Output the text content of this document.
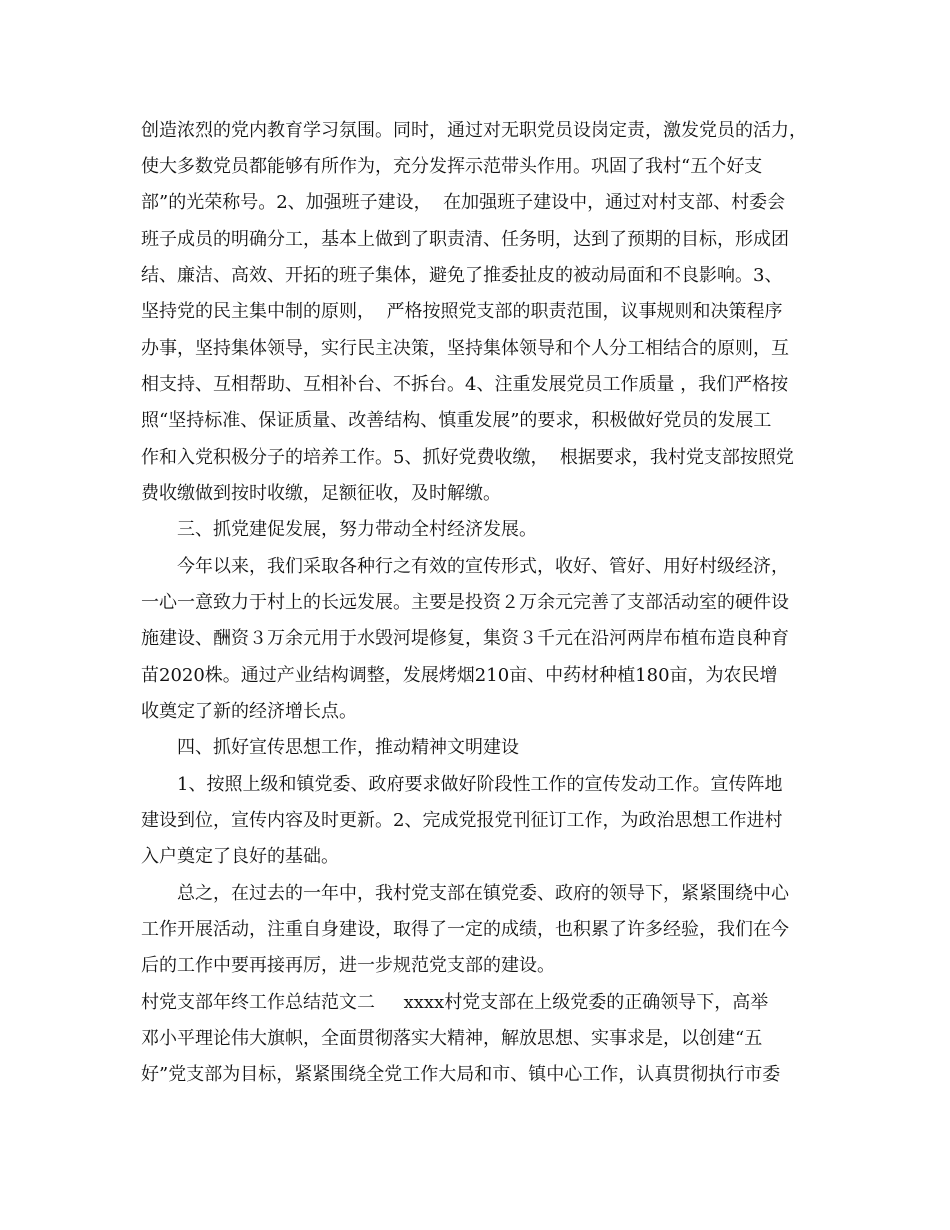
创造浓烈的党内教育学习氛围。同时，通过对无职党员设岗定责，激发党员的活力，
使大多数党员都能够有所作为，充分发挥示范带头作用。巩固了我村“五个好支
部”的光荣称号。2、加强班子建设，  在加强班子建设中，通过对村支部、村委会
班子成员的明确分工，基本上做到了职责清、任务明，达到了预期的目标，形成团
结、廉洁、高效、开拓的班子集体，避免了推委扯皮的被动局面和不良影响。3、
坚持党的民主集中制的原则，  严格按照党支部的职责范围，议事规则和决策程序
办事，坚持集体领导，实行民主决策，坚持集体领导和个人分工相结合的原则，互
相支持、互相帮助、互相补台、不拆台。4、注重发展党员工作质量 ，我们严格按
照“坚持标准、保证质量、改善结构、慎重发展”的要求，积极做好党员的发展工
作和入党积极分子的培养工作。5、抓好党费收缴，  根据要求，我村党支部按照党
费收缴做到按时收缴，足额征收，及时解缴。
三、抓党建促发展，努力带动全村经济发展。
今年以来，我们采取各种行之有效的宣传形式，收好、管好、用好村级经济，
一心一意致力于村上的长远发展。主要是投资２万余元完善了支部活动室的硬件设
施建设、酬资３万余元用于水毁河堤修复，集资３千元在沿河两岸布植布造良种育
苗2020株。通过产业结构调整，发展烤烟210亩、中药材种植180亩，为农民增
收奠定了新的经济增长点。
四、抓好宣传思想工作，推动精神文明建设
1、按照上级和镇党委、政府要求做好阶段性工作的宣传发动工作。宣传阵地
建设到位，宣传内容及时更新。2、完成党报党刊征订工作，为政治思想工作进村
入户奠定了良好的基础。
总之，在过去的一年中，我村党支部在镇党委、政府的领导下，紧紧围绕中心
工作开展活动，注重自身建设，取得了一定的成绩，也积累了许多经验，我们在今
后的工作中要再接再厉，进一步规范党支部的建设。
村党支部年终工作总结范文二     xxxx村党支部在上级党委的正确领导下，高举
邓小平理论伟大旗帜，全面贯彻落实大精神，解放思想、实事求是，以创建“五
好”党支部为目标，紧紧围绕全党工作大局和市、镇中心工作，认真贯彻执行市委
